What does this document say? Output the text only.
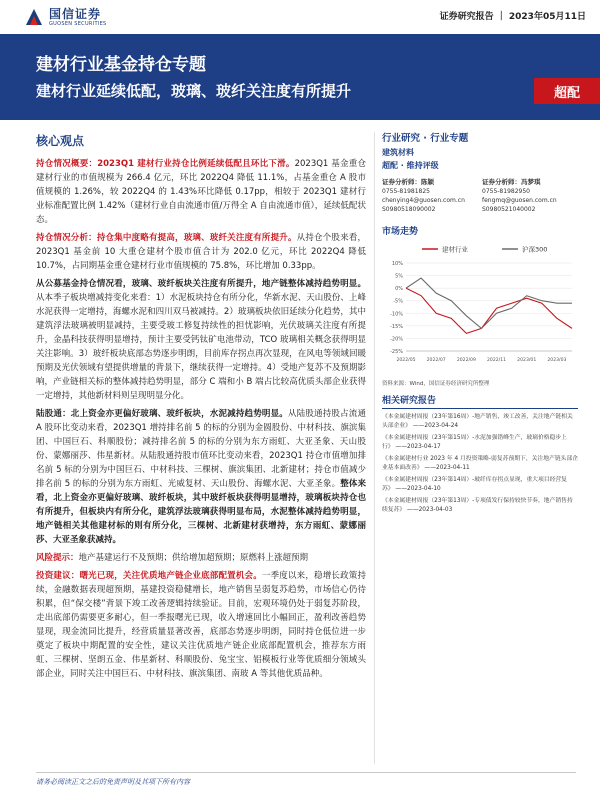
国信证券
GUOSEN SECURITIES
证券研究报告 ｜ 2023年05月11日
建材行业基金持仓专题
建材行业延续低配，玻璃、玻纤关注度有所提升	超配
核心观点

持仓情况概要：2023Q1 建材行业持仓比例延续低配且环比下滑。2023Q1 基金重仓建材行业的市值规模为 266.4 亿元，环比 2022Q4 降低 11.1%，占基金重仓 A 股市值规模的 1.26%，较 2022Q4 的 1.43%环比降低 0.17pp，相较于 2023Q1 建材行业标准配置比例 1.42%（建材行业自由流通市值/万得全 A 自由流通市值），延续低配状态。

持仓情况分析：持仓集中度略有提高，玻璃、玻纤关注度有所提升。从持仓个股来看，2023Q1 基金前 10 大重仓建材个股市值合计为 202.0 亿元，环比 2022Q4 降低 10.7%，占同期基金重仓建材行业市值规模的 75.8%，环比增加 0.33pp。

从公募基金持仓情况看，玻璃、玻纤板块关注度有所提升，地产链整体减持趋势明显。从本季子板块增减持变化来看：1）水泥板块持仓有所分化，华新水泥、天山股份、上峰水泥获得一定增持，海螺水泥和四川双马被减持。2）玻璃板块依旧延续分化趋势，其中建筑浮法玻璃被明显减持，主要受玻工修复持续性的担忧影响，光伏玻璃关注度有所提升，金晶科技获得明显增持，预计主要受钙钛矿电池带动，TCO 玻璃相关概念获得明显关注影响。3）玻纤板块底部态势逐步明朗，目前库存拐点再次显现，在风电等领域回暖预期及光伏领域有望提供增量的背景下，继续获得一定增持。4）受地产复苏不及预期影响，产业链相关标的整体减持趋势明显，部分 C 端和小 B 端占比较高优质头部企业获得一定增持，其他新材料则呈现明显分化。

陆股通：北上资金亦更偏好玻璃、玻纤板块，水泥减持趋势明显。从陆股通持股占流通 A 股环比变动来看，2023Q1 增持排名前 5 的标的分别为金圆股份、中材科技、旗滨集团、中国巨石、科顺股份；减持排名前 5 的标的分别为东方雨虹、大亚圣象、天山股份、蒙娜丽莎、伟星新材。从陆股通持股市值环比变动来看，2023Q1 持仓市值增加排名前 5 标的分别为中国巨石、中材科技、三棵树、旗滨集团、北新建材；持仓市值减少排名前 5 的标的分别为东方雨虹、光威复材、天山股份、海螺水泥、大亚圣象。整体来看，北上资金亦更偏好玻璃、玻纤板块，其中玻纤板块获得明显增持，玻璃板块持仓也有所提升，但板块内有所分化，建筑浮法玻璃获得明显布局，水泥整体减持趋势明显，地产链相关其他建材标的则有所分化，三棵树、北新建材获增持，东方雨虹、蒙娜丽莎、大亚圣象获减持。

风险提示：地产基建运行不及预期；供给增加超预期；原燃料上涨超预期

投资建议：曙光已现，关注优质地产链企业底部配置机会。一季度以来，稳增长政策持续，金融数据表现超预期，基建投资稳健增长，地产销售呈弱复苏趋势，市场信心仍待积累，但“保交楼”背景下竣工改善逻辑持续验证。目前，宏观环境仍处于弱复苏阶段，走出底部仍需要更多耐心，但一季报曙光已现，收入增速回比小幅回正，盈利改善趋势显现，现金流同比提升，经营质量显著改善，底部态势逐步明朗，同时持仓低位进一步奠定了板块中期配置的安全性，建议关注优质地产链企业底部配置机会，推荐东方雨虹、三棵树、坚朗五金、伟星新材、科顺股份、兔宝宝、铝模板行业等优质细分领域头部企业，同时关注中国巨石、中材科技、旗滨集团、南玻 A 等其他优质品种。

行业研究 · 行业专题
建筑材料
超配 · 维持评级
证券分析师：陈颖
0755-81981825
chenying4@guosen.com.cn
S0980518090002
证券分析师：冯梦琪
0755-81982950
fengmq@guosen.com.cn
S0980521040002
市场走势
建材行业	沪深300
-25%
-20%
-15%
-10%
-5%
0%
5%
10%
2022/05 2022/07 2022/09 2022/11 2023/01 2023/03
资料来源：Wind，国信证券经济研究所整理
相关研究报告
《本金属建材周报（23年第16周）-地产销售、竣工改善，关注地产链相关头部企业》 ——2023-04-24
《本金属建材周报（23年第15周）-水泥加强错峰生产，玻璃价格稳步上行》 ——2023-04-17
《本金属建材行业 2023 年 4 月投资策略-弱复苏预期下，关注地产链头部企业基本面改善》 ——2023-04-11
《本金属建材周报（23年第14周）-玻纤库存拐点显现，重大项目经营复苏》 ——2023-04-10
《本金属建材周报（23年第13周）-专项债发行保持较快节奏，地产销售持续复苏》 ——2023-04-03
请务必阅读正文之后的免责声明及其项下所有内容
